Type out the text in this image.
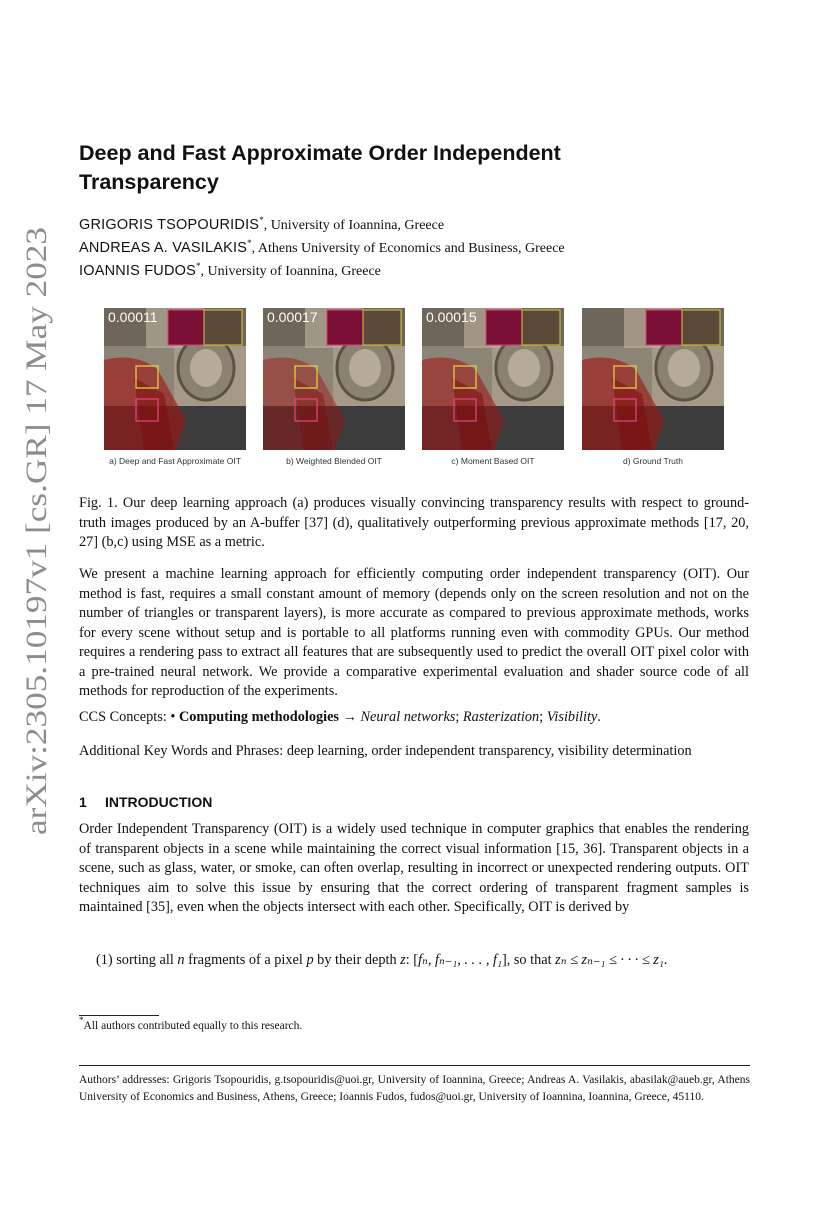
arXiv:2305.10197v1 [cs.GR] 17 May 2023
Deep and Fast Approximate Order Independent Transparency
GRIGORIS TSOPOURIDIS*, University of Ioannina, Greece
ANDREAS A. VASILAKIS*, Athens University of Economics and Business, Greece
IOANNIS FUDOS*, University of Ioannina, Greece
0.00011	0.00017	0.00015
a) Deep and Fast Approximate OIT	b) Weighted Blended OIT	c) Moment Based OIT	d) Ground Truth

Fig. 1. Our deep learning approach (a) produces visually convincing transparency results with respect to ground-truth images produced by an A-buffer [37] (d), qualitatively outperforming previous approximate methods [17, 20, 27] (b,c) using MSE as a metric.

We present a machine learning approach for efficiently computing order independent transparency (OIT). Our method is fast, requires a small constant amount of memory (depends only on the screen resolution and not on the number of triangles or transparent layers), is more accurate as compared to previous approximate methods, works for every scene without setup and is portable to all platforms running even with commodity GPUs. Our method requires a rendering pass to extract all features that are subsequently used to predict the overall OIT pixel color with a pre-trained neural network. We provide a comparative experimental evaluation and shader source code of all methods for reproduction of the experiments.

CCS Concepts: • Computing methodologies → Neural networks; Rasterization; Visibility.

Additional Key Words and Phrases: deep learning, order independent transparency, visibility determination

1 INTRODUCTION

Order Independent Transparency (OIT) is a widely used technique in computer graphics that enables the rendering of transparent objects in a scene while maintaining the correct visual information [15, 36]. Transparent objects in a scene, such as glass, water, or smoke, can often overlap, resulting in incorrect or unexpected rendering outputs. OIT techniques aim to solve this issue by ensuring that the correct ordering of transparent fragment samples is maintained [35], even when the objects intersect with each other. Specifically, OIT is derived by

(1) sorting all n fragments of a pixel p by their depth z: [fₙ, fₙ₋₁, . . . , f₁], so that zₙ ≤ zₙ₋₁ ≤ · · · ≤ z₁.
*All authors contributed equally to this research.

Authors’ addresses: Grigoris Tsopouridis, g.tsopouridis@uoi.gr, University of Ioannina, Greece; Andreas A. Vasilakis, abasilak@aueb.gr, Athens University of Economics and Business, Athens, Greece; Ioannis Fudos, fudos@uoi.gr, University of Ioannina, Ioannina, Greece, 45110.
